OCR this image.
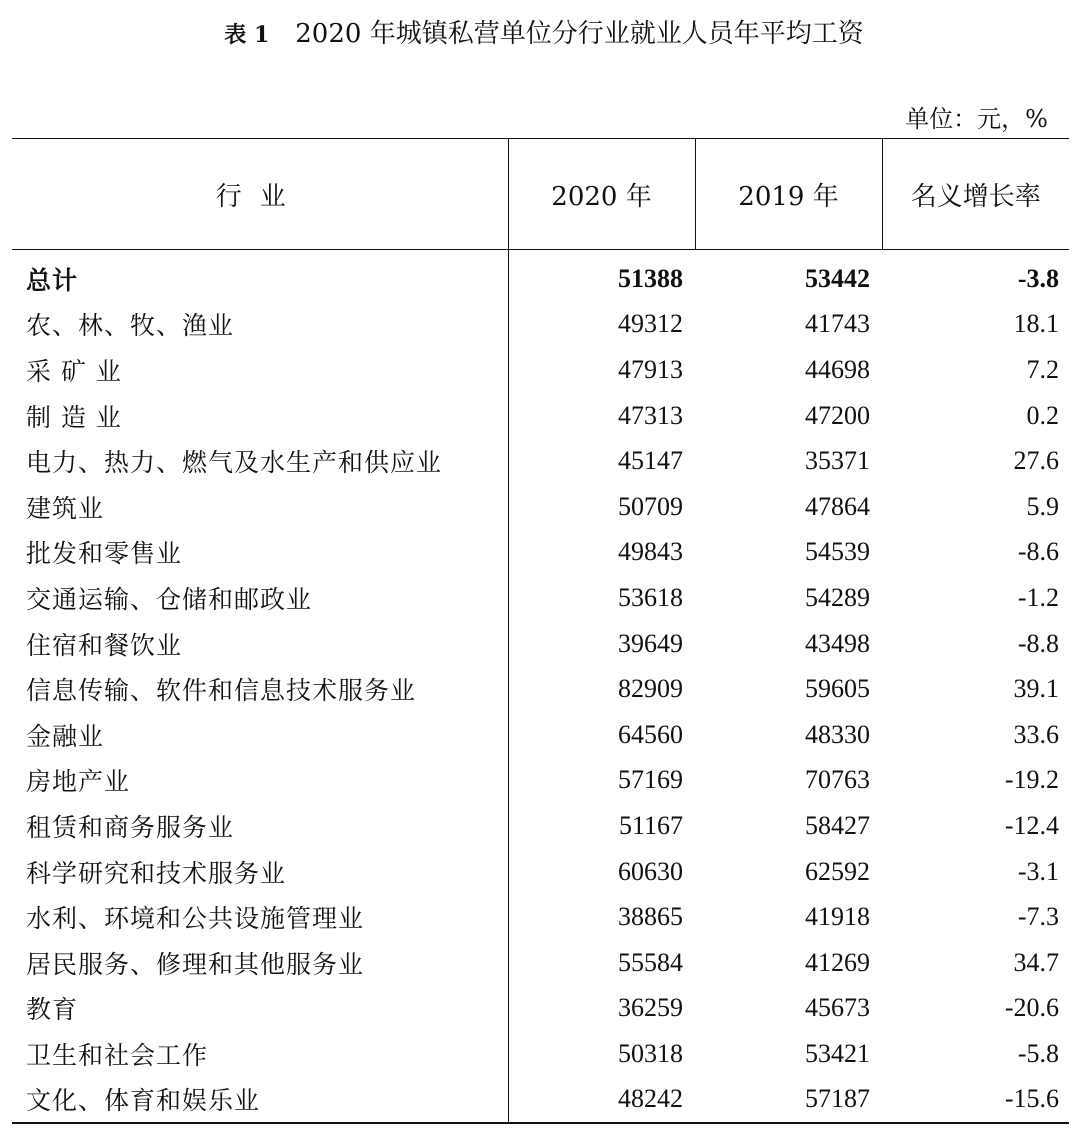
表 1 2020 年城镇私营单位分行业就业人员年平均工资
单位：元，%
行业	2020 年	2019 年	名义增长率
总计	51388	53442	-3.8
农、林、牧、渔业	49312	41743	18.1
采 矿 业	47913	44698	7.2
制 造 业	47313	47200	0.2
电力、热力、燃气及水生产和供应业	45147	35371	27.6
建筑业	50709	47864	5.9
批发和零售业	49843	54539	-8.6
交通运输、仓储和邮政业	53618	54289	-1.2
住宿和餐饮业	39649	43498	-8.8
信息传输、软件和信息技术服务业	82909	59605	39.1
金融业	64560	48330	33.6
房地产业	57169	70763	-19.2
租赁和商务服务业	51167	58427	-12.4
科学研究和技术服务业	60630	62592	-3.1
水利、环境和公共设施管理业	38865	41918	-7.3
居民服务、修理和其他服务业	55584	41269	34.7
教育	36259	45673	-20.6
卫生和社会工作	50318	53421	-5.8
文化、体育和娱乐业	48242	57187	-15.6
